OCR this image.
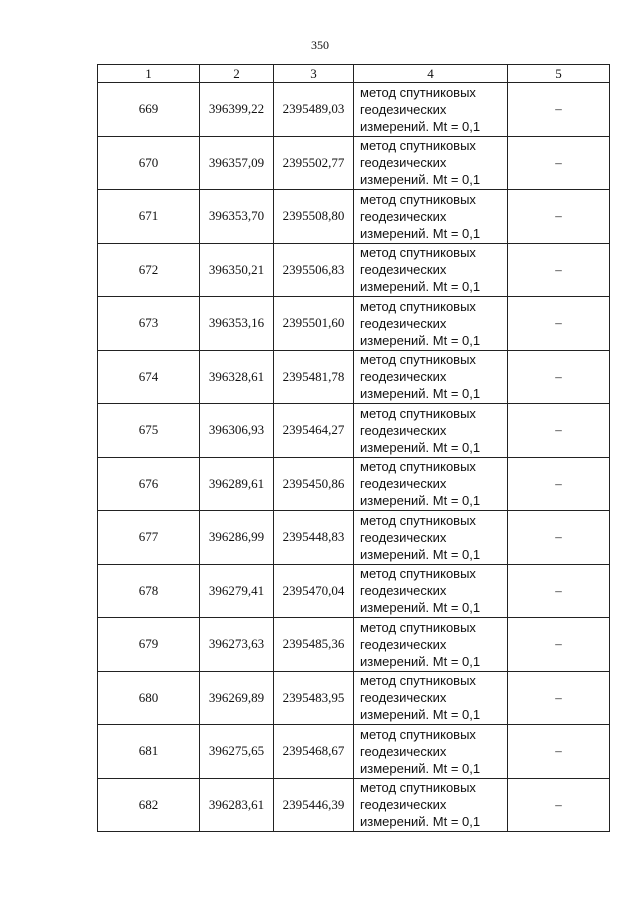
350
1	2	3	4	5
669	396399,22	2395489,03	метод спутниковых
геодезических
измерений. Mt = 0,1	–
670	396357,09	2395502,77	метод спутниковых
геодезических
измерений. Mt = 0,1	–
671	396353,70	2395508,80	метод спутниковых
геодезических
измерений. Mt = 0,1	–
672	396350,21	2395506,83	метод спутниковых
геодезических
измерений. Mt = 0,1	–
673	396353,16	2395501,60	метод спутниковых
геодезических
измерений. Mt = 0,1	–
674	396328,61	2395481,78	метод спутниковых
геодезических
измерений. Mt = 0,1	–
675	396306,93	2395464,27	метод спутниковых
геодезических
измерений. Mt = 0,1	–
676	396289,61	2395450,86	метод спутниковых
геодезических
измерений. Mt = 0,1	–
677	396286,99	2395448,83	метод спутниковых
геодезических
измерений. Mt = 0,1	–
678	396279,41	2395470,04	метод спутниковых
геодезических
измерений. Mt = 0,1	–
679	396273,63	2395485,36	метод спутниковых
геодезических
измерений. Mt = 0,1	–
680	396269,89	2395483,95	метод спутниковых
геодезических
измерений. Mt = 0,1	–
681	396275,65	2395468,67	метод спутниковых
геодезических
измерений. Mt = 0,1	–
682	396283,61	2395446,39	метод спутниковых
геодезических
измерений. Mt = 0,1	–
